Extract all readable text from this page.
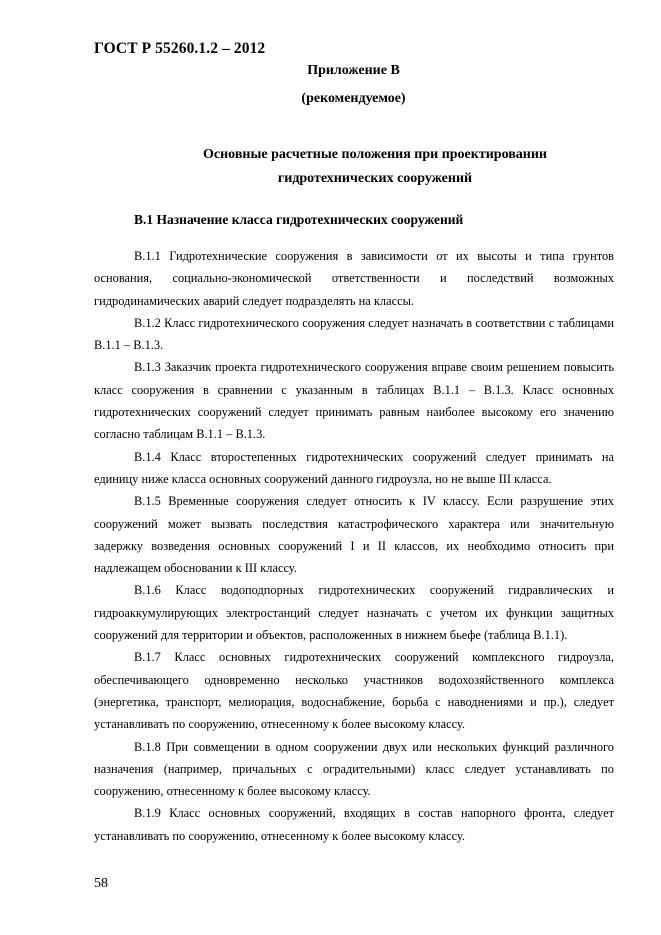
ГОСТ Р 55260.1.2 – 2012
Приложение В
(рекомендуемое)
Основные расчетные положения при проектировании
гидротехнических сооружений
В.1 Назначение класса гидротехнических сооружений

В.1.1 Гидротехнические сооружения в зависимости от их высоты и типа грунтов основания, социально-экономической ответственности и последствий возможных гидродинамических аварий следует подразделять на классы.

В.1.2 Класс гидротехнического сооружения следует назначать в соответствии с таблицами В.1.1 – В.1.3.

В.1.3 Заказчик проекта гидротехнического сооружения вправе своим решением повысить класс сооружения в сравнении с указанным в таблицах В.1.1 – В.1.3. Класс основных гидротехнических сооружений следует принимать равным наиболее высокому его значению согласно таблицам В.1.1 – В.1.3.

В.1.4 Класс второстепенных гидротехнических сооружений следует принимать на единицу ниже класса основных сооружений данного гидроузла, но не выше III класса.

В.1.5 Временные сооружения следует относить к IV классу. Если разрушение этих сооружений может вызвать последствия катастрофического характера или значительную задержку возведения основных сооружений I и II классов, их необходимо относить при надлежащем обосновании к III классу.

В.1.6 Класс водоподпорных гидротехнических сооружений гидравлических и гидроаккумулирующих электростанций следует назначать с учетом их функции защитных сооружений для территории и объектов, расположенных в нижнем бьефе (таблица В.1.1).

В.1.7 Класс основных гидротехнических сооружений комплексного гидроузла, обеспечивающего одновременно несколько участников водохозяйственного комплекса (энергетика, транспорт, мелиорация, водоснабжение, борьба с наводнениями и пр.), следует устанавливать по сооружению, отнесенному к более высокому классу.

В.1.8 При совмещении в одном сооружении двух или нескольких функций различного назначения (например, причальных с оградительными) класс следует устанавливать по сооружению, отнесенному к более высокому классу.

В.1.9 Класс основных сооружений, входящих в состав напорного фронта, следует устанавливать по сооружению, отнесенному к более высокому классу.

58
